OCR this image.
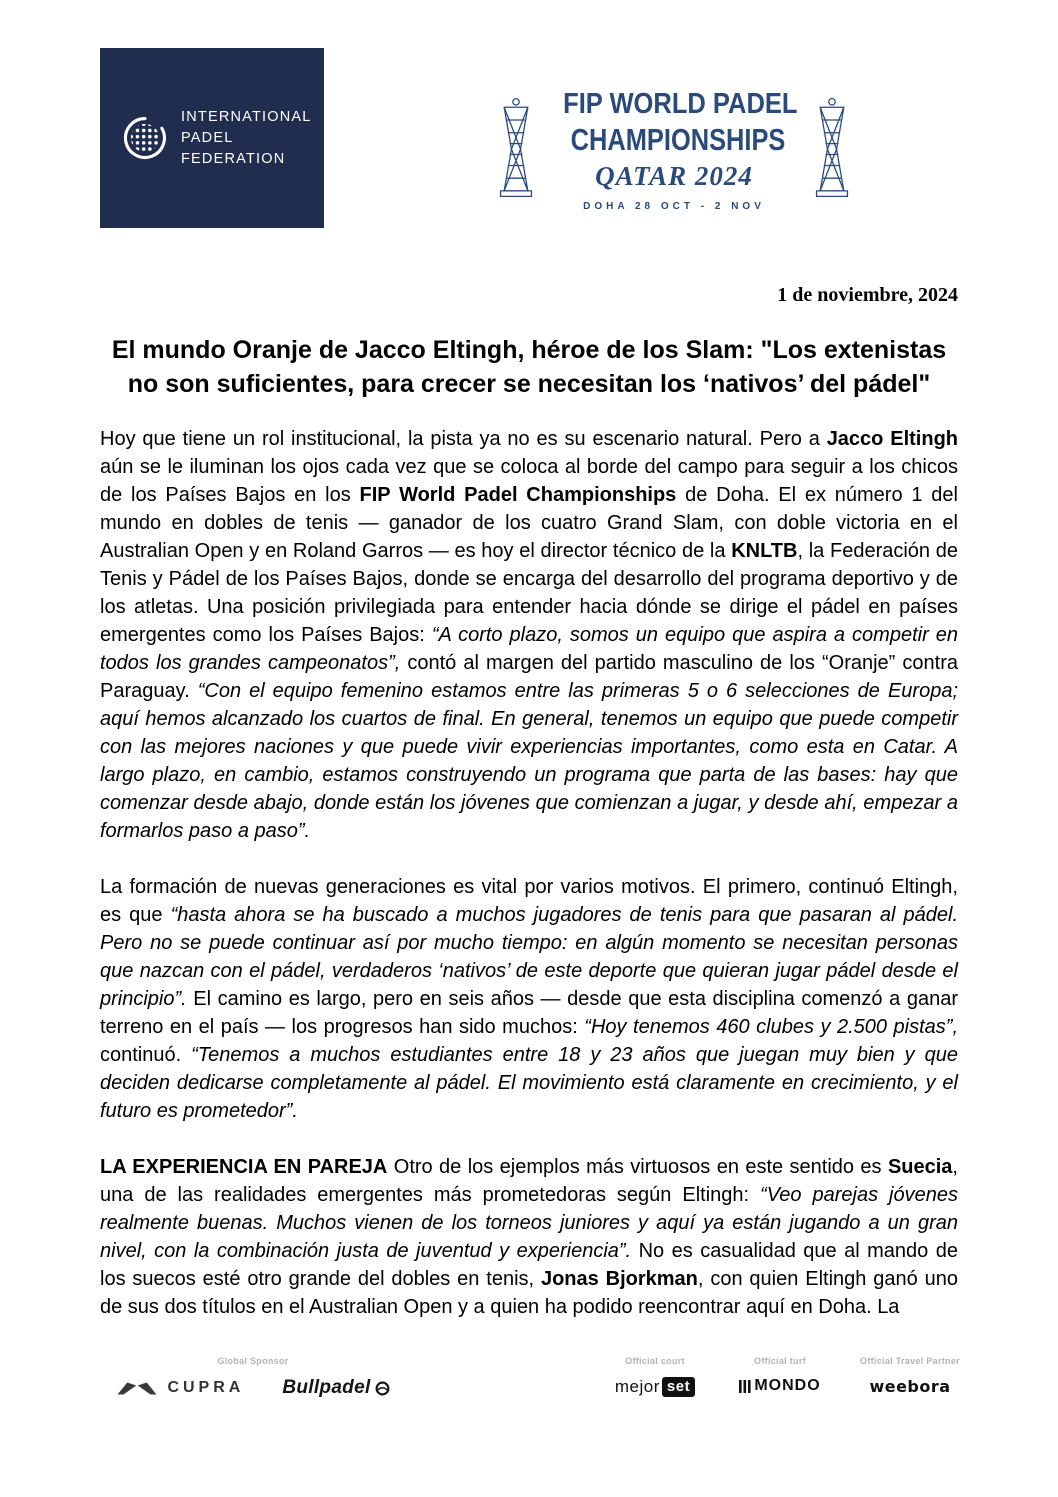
INTERNATIONAL
PADEL
FEDERATION
FIP WORLD PADEL
CHAMPIONSHIPS
QATAR 2024
DOHA 28 OCT - 2 NOV
1 de noviembre, 2024
El mundo Oranje de Jacco Eltingh, héroe de los Slam: "Los extenistas no son suficientes, para crecer se necesitan los ‘nativos’ del pádel"

Hoy que tiene un rol institucional, la pista ya no es su escenario natural. Pero a Jacco Eltingh aún se le iluminan los ojos cada vez que se coloca al borde del campo para seguir a los chicos de los Países Bajos en los FIP World Padel Championships de Doha. El ex número 1 del mundo en dobles de tenis — ganador de los cuatro Grand Slam, con doble victoria en el Australian Open y en Roland Garros — es hoy el director técnico de la KNLTB, la Federación de Tenis y Pádel de los Países Bajos, donde se encarga del desarrollo del programa deportivo y de los atletas. Una posición privilegiada para entender hacia dónde se dirige el pádel en países emergentes como los Países Bajos: “A corto plazo, somos un equipo que aspira a competir en todos los grandes campeonatos”, contó al margen del partido masculino de los “Oranje” contra Paraguay. “Con el equipo femenino estamos entre las primeras 5 o 6 selecciones de Europa; aquí hemos alcanzado los cuartos de final. En general, tenemos un equipo que puede competir con las mejores naciones y que puede vivir experiencias importantes, como esta en Catar. A largo plazo, en cambio, estamos construyendo un programa que parta de las bases: hay que comenzar desde abajo, donde están los jóvenes que comienzan a jugar, y desde ahí, empezar a formarlos paso a paso”.

La formación de nuevas generaciones es vital por varios motivos. El primero, continuó Eltingh, es que “hasta ahora se ha buscado a muchos jugadores de tenis para que pasaran al pádel. Pero no se puede continuar así por mucho tiempo: en algún momento se necesitan personas que nazcan con el pádel, verdaderos ‘nativos’ de este deporte que quieran jugar pádel desde el principio”. El camino es largo, pero en seis años — desde que esta disciplina comenzó a ganar terreno en el país — los progresos han sido muchos: “Hoy tenemos 460 clubes y 2.500 pistas”, continuó. “Tenemos a muchos estudiantes entre 18 y 23 años que juegan muy bien y que deciden dedicarse completamente al pádel. El movimiento está claramente en crecimiento, y el futuro es prometedor”.

LA EXPERIENCIA EN PAREJA Otro de los ejemplos más virtuosos en este sentido es Suecia, una de las realidades emergentes más prometedoras según Eltingh: “Veo parejas jóvenes realmente buenas. Muchos vienen de los torneos juniores y aquí ya están jugando a un gran nivel, con la combinación justa de juventud y experiencia”. No es casualidad que al mando de los suecos esté otro grande del dobles en tenis, Jonas Bjorkman, con quien Eltingh ganó uno de sus dos títulos en el Australian Open y a quien ha podido reencontrar aquí en Doha. La

Global Sponsor
CUPRA Bullpadel
Official court
mejor set
Official turf
MONDO
Official Travel Partner
weebora
